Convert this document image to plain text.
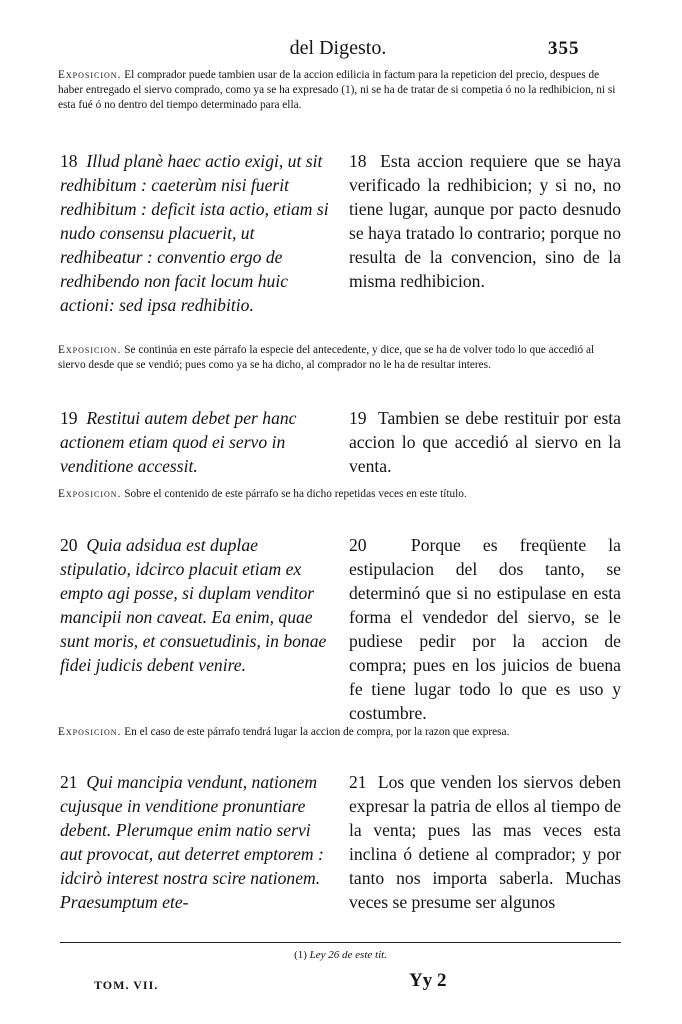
del Digesto.	355

Exposicion. El comprador puede tambien usar de la accion edilicia in factum para la repeticion del precio, despues de haber entregado el siervo comprado, como ya se ha expresado (1), ni se ha de tratar de si competia ó no la redhibicion, ni si esta fué ó no dentro del tiempo determinado para ella.

18 Illud planè haec actio exigi, ut sit redhibitum : caeterùm nisi fuerit redhibitum : deficit ista actio, etiam si nudo consensu placuerit, ut redhibeatur : conventio ergo de redhibendo non facit locum huic actioni: sed ipsa redhibitio.

18 Esta accion requiere que se haya verificado la redhibicion; y si no, no tiene lugar, aunque por pacto desnudo se haya tratado lo contrario; porque no resulta de la convencion, sino de la misma redhibicion.

Exposicion. Se continúa en este párrafo la especie del antecedente, y dice, que se ha de volver todo lo que accedió al siervo desde que se vendió; pues como ya se ha dicho, al comprador no le ha de resultar interes.

19 Restitui autem debet per hanc actionem etiam quod ei servo in venditione accessit.

19 Tambien se debe restituir por esta accion lo que accedió al siervo en la venta.

Exposicion. Sobre el contenido de este párrafo se ha dicho repetidas veces en este título.

20 Quia adsidua est duplae stipulatio, idcirco placuit etiam ex empto agi posse, si duplam venditor mancipii non caveat. Ea enim, quae sunt moris, et consuetudinis, in bonae fidei judicis debent venire.

20	Porque es freqüente la estipulacion del dos tanto, se determinó que si no estipulase en esta forma el vendedor del siervo, se le pudiese pedir por la accion de compra; pues en los juicios de buena fe tiene lugar todo lo que es uso y costumbre.

Exposicion. En el caso de este párrafo tendrá lugar la accion de compra, por la razon que expresa.

21 Qui mancipia vendunt, nationem cujusque in venditione pronuntiare debent. Plerumque enim natio servi aut provocat, aut deterret emptorem : idcirò interest nostra scire nationem. Praesumptum ete-

21 Los que venden los siervos deben expresar la patria de ellos al tiempo de la venta; pues las mas veces esta inclina ó detiene al comprador; y por tanto nos importa saberla. Muchas veces se presume ser algunos

(1) Ley 26 de este tit.
TOM. VII.	Yy 2
